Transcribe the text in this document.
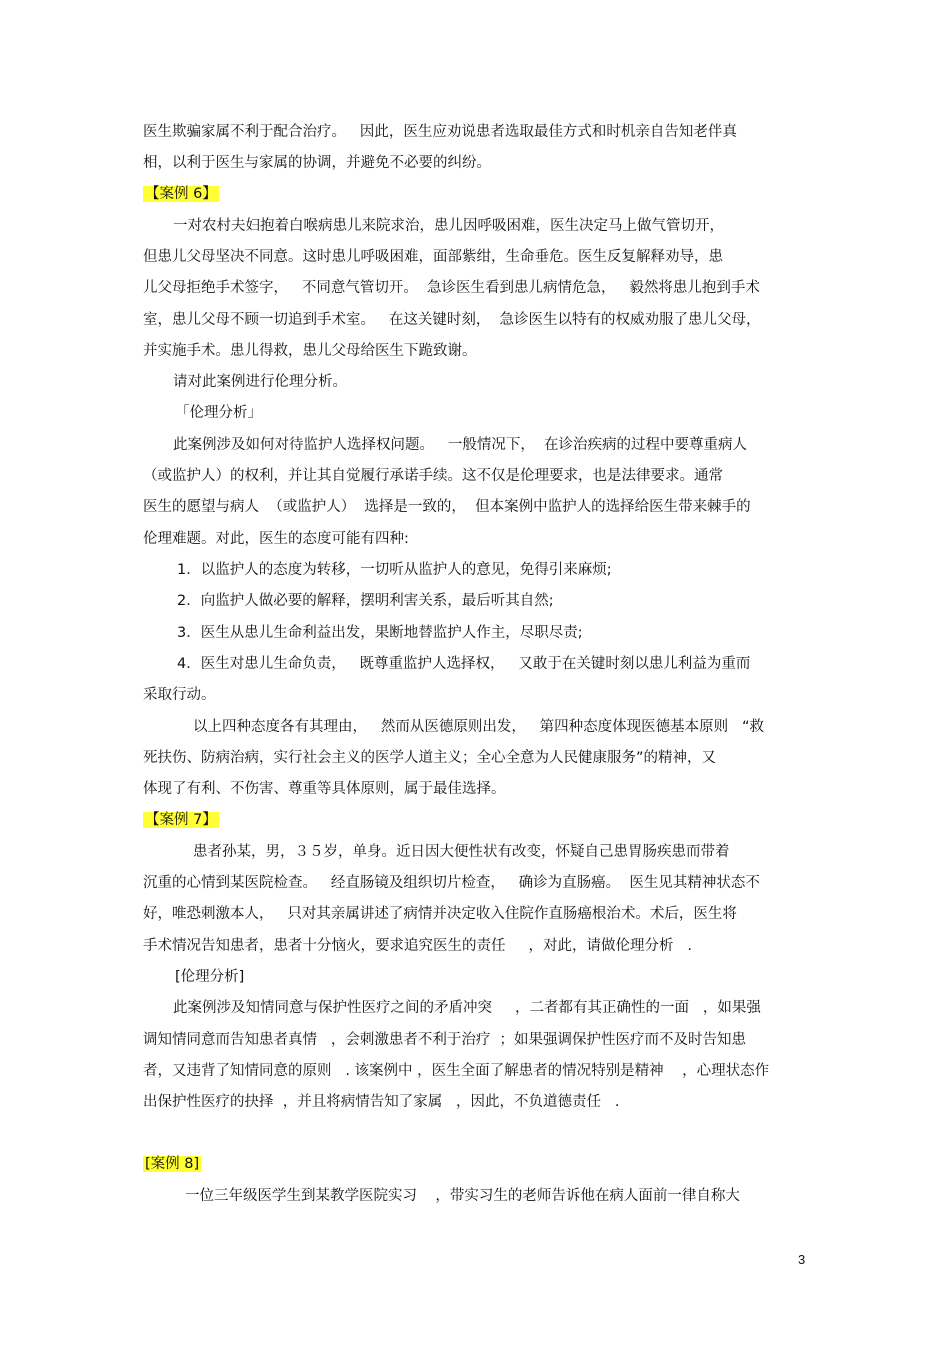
医生欺骗家属不利于配合治疗。   因此，医生应劝说患者选取最佳方式和时机亲自告知老伴真
相，以利于医生与家属的协调，并避免不必要的纠纷。
【案例 6】
一对农村夫妇抱着白喉病患儿来院求治，患儿因呼吸困难，医生决定马上做气管切开，
但患儿父母坚决不同意。这时患儿呼吸困难，面部紫绀，生命垂危。医生反复解释劝导，患
儿父母拒绝手术签字，   不同意气管切开。  急诊医生看到患儿病情危急，   毅然将患儿抱到手术
室，患儿父母不顾一切追到手术室。   在这关键时刻，  急诊医生以特有的权威劝服了患儿父母，
并实施手术。患儿得救，患儿父母给医生下跪致谢。
请对此案例进行伦理分析。
「伦理分析」
此案例涉及如何对待监护人选择权问题。   一般情况下，  在诊治疾病的过程中要尊重病人
（或监护人）的权利，并让其自觉履行承诺手续。这不仅是伦理要求，也是法律要求。通常
医生的愿望与病人  （或监护人）  选择是一致的，  但本案例中监护人的选择给医生带来棘手的
伦理难题。对此，医生的态度可能有四种:
1．以监护人的态度为转移，一切听从监护人的意见，免得引来麻烦;
2．向监护人做必要的解释，摆明利害关系，最后听其自然;
3．医生从患儿生命利益出发，果断地替监护人作主，尽职尽责;
4．医生对患儿生命负责，   既尊重监护人选择权，   又敢于在关键时刻以患儿利益为重而
采取行动。
以上四种态度各有其理由，   然而从医德原则出发，   第四种态度体现医德基本原则   “救
死扶伤、防病治病，实行社会主义的医学人道主义；全心全意为人民健康服务”的精神，又
体现了有利、不伤害、尊重等具体原则，属于最佳选择。
【案例 7】
患者孙某，男，３５岁，单身。近日因大便性状有改变，怀疑自己患胃肠疾患而带着
沉重的心情到某医院检查。   经直肠镜及组织切片检查，   确诊为直肠癌。  医生见其精神状态不
好，唯恐刺激本人，   只对其亲属讲述了病情并决定收入住院作直肠癌根治术。术后，医生将
手术情况告知患者，患者十分恼火，要求追究医生的责任     ，对此，请做伦理分析   .
[伦理分析]
此案例涉及知情同意与保护性医疗之间的矛盾冲突     ，二者都有其正确性的一面   ，如果强
调知情同意而告知患者真情   ，会刺激患者不利于治疗  ；如果强调保护性医疗而不及时告知患
者，又违背了知情同意的原则   . 该案例中 ，医生全面了解患者的情况特别是精神    ，心理状态作
出保护性医疗的抉择  ，并且将病情告知了家属   ，因此，不负道德责任   .
[案例 8]
一位三年级医学生到某教学医院实习    ，带实习生的老师告诉他在病人面前一律自称大
3
